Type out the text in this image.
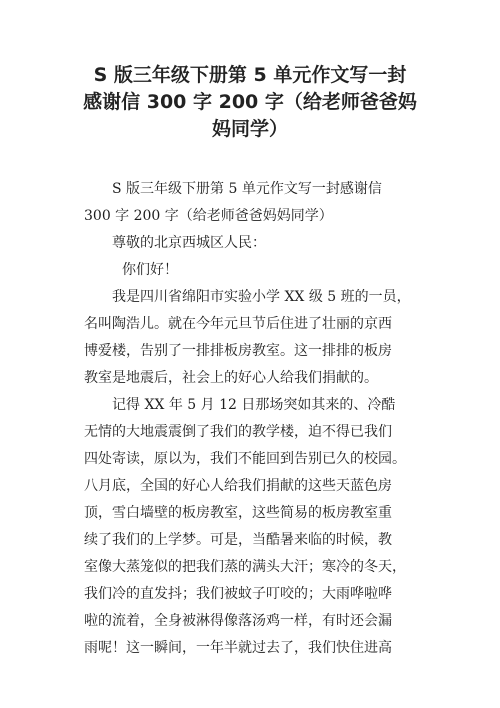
S 版三年级下册第 5 单元作文写一封
感谢信 300 字 200 字（给老师爸爸妈
妈同学）
S 版三年级下册第 5 单元作文写一封感谢信
300 字 200 字（给老师爸爸妈妈同学）
尊敬的北京西城区人民：
你们好！
我是四川省绵阳市实验小学 XX 级 5 班的一员，
名叫陶浩儿。就在今年元旦节后住进了壮丽的京西
博爱楼，告别了一排排板房教室。这一排排的板房
教室是地震后，社会上的好心人给我们捐献的。
记得 XX 年 5 月 12 日那场突如其来的、冷酷
无情的大地震震倒了我们的教学楼，迫不得已我们
四处寄读，原以为，我们不能回到告别已久的校园。
八月底，全国的好心人给我们捐献的这些天蓝色房
顶，雪白墙壁的板房教室，这些简易的板房教室重
续了我们的上学梦。可是，当酷暑来临的时候，教
室像大蒸笼似的把我们蒸的满头大汗；寒冷的冬天，
我们冷的直发抖；我们被蚊子叮咬的；大雨哗啦哗
啦的流着，全身被淋得像落汤鸡一样，有时还会漏
雨呢！这一瞬间，一年半就过去了，我们快住进高
